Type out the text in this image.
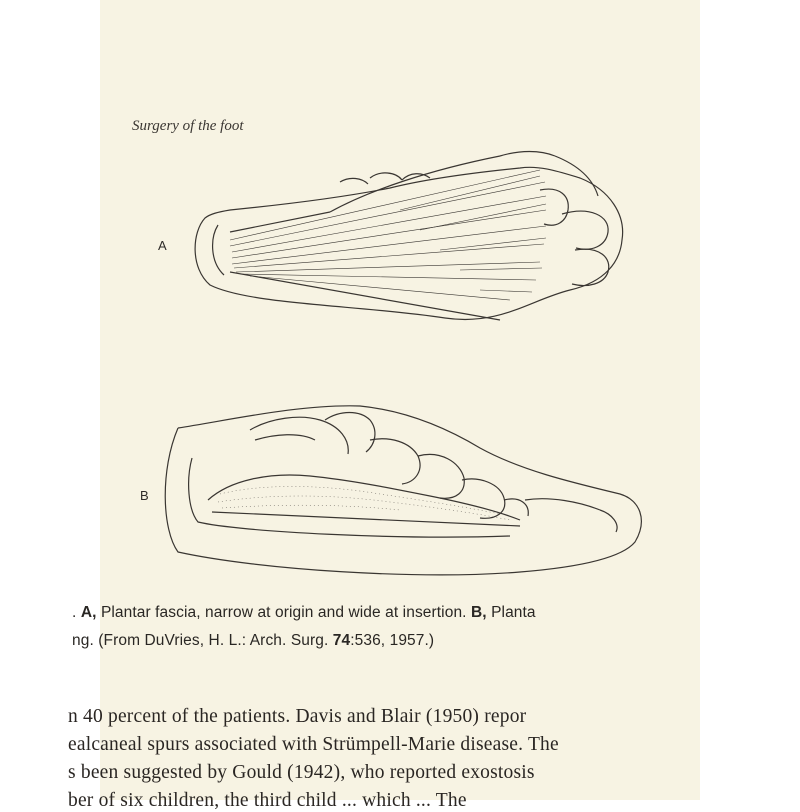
Surgery of the foot
A
B
. A, Plantar fascia, narrow at origin and wide at insertion. B, Planta
ng. (From DuVries, H. L.: Arch. Surg. 74:536, 1957.)
n 40 percent of the patients. Davis and Blair (1950) repor
ealcaneal spurs associated with Strümpell-Marie disease. The
s been suggested by Gould (1942), who reported exostosis
ber of six children, the third child ... which ... The
